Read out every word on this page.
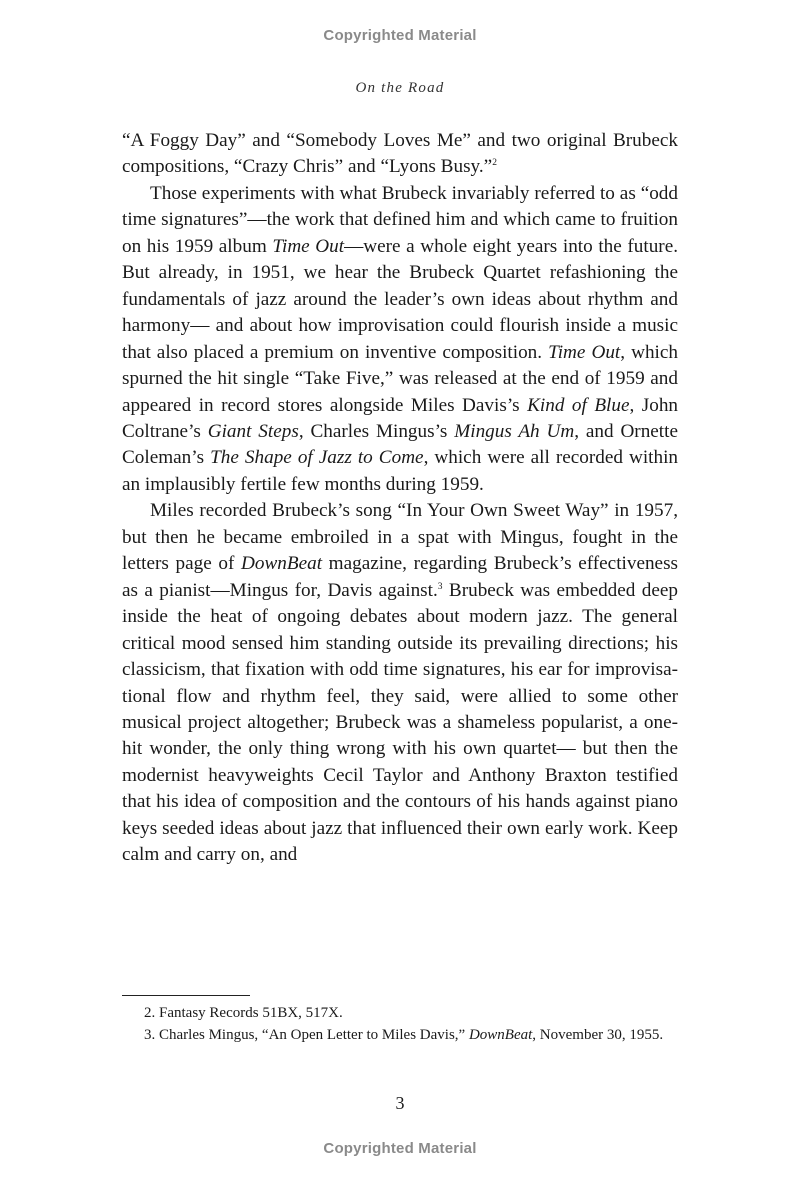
Copyrighted Material
On the Road

“A Foggy Day” and “Somebody Loves Me” and two original Brubeck compositions, “Crazy Chris” and “Lyons Busy.”$^2$

Those experiments with what Brubeck invariably referred to as “odd time signatures”—the work that defined him and which came to fruition on his 1959 album Time Out—were a whole eight years into the future. But already, in 1951, we hear the Brubeck Quartet refashioning the fundamentals of jazz around the leader’s own ideas about rhythm and harmony— and about how improvisation could flourish inside a music that also placed a premium on inventive composition. Time Out, which spurned the hit single “Take Five,” was released at the end of 1959 and appeared in record stores alongside Miles Davis’s Kind of Blue, John Coltrane’s Giant Steps, Charles Mingus’s Mingus Ah Um, and Ornette Coleman’s The Shape of Jazz to Come, which were all recorded within an implausibly fertile few months during 1959.

Miles recorded Brubeck’s song “In Your Own Sweet Way” in 1957, but then he became embroiled in a spat with Mingus, fought in the letters page of DownBeat magazine, regarding Brubeck’s effectiveness as a pianist—Mingus for, Davis against.$^3$ Brubeck was embedded deep inside the heat of ongoing debates about modern jazz. The general critical mood sensed him standing outside its prevailing directions; his classicism, that fixation with odd time signatures, his ear for improvisational flow and rhythm feel, they said, were allied to some other musical project altogether; Brubeck was a shameless popularist, a one-hit wonder, the only thing wrong with his own quartet— but then the modernist heavyweights Cecil Taylor and Anthony Braxton testified that his idea of composition and the contours of his hands against piano keys seeded ideas about jazz that influenced their own early work. Keep calm and carry on, and

2. Fantasy Records 51BX, 517X.

3. Charles Mingus, “An Open Letter to Miles Davis,” DownBeat, November 30, 1955.

3
Copyrighted Material
